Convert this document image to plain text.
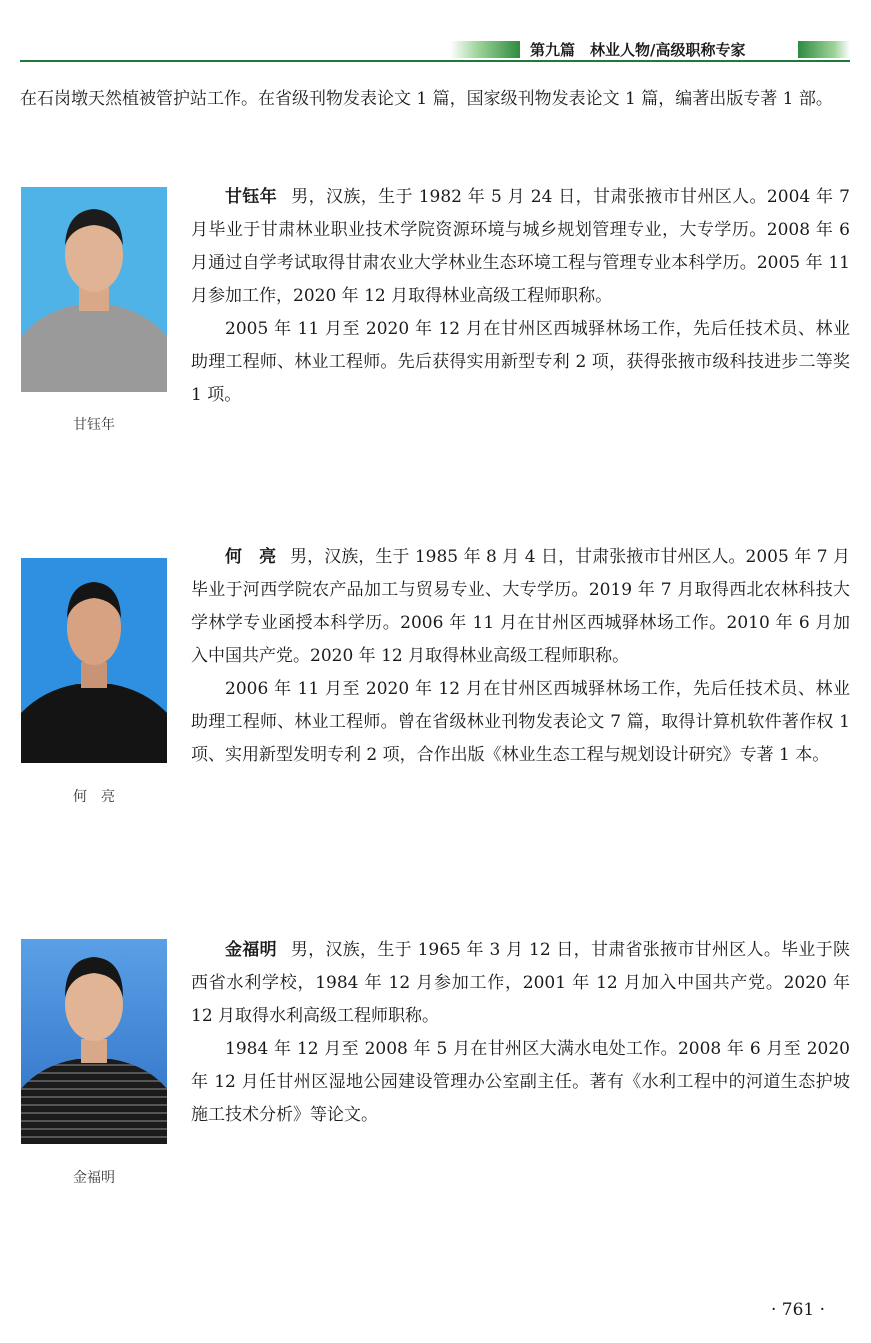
第九篇　林业人物/高级职称专家

在石岗墩天然植被管护站工作。在省级刊物发表论文 1 篇，国家级刊物发表论文 1 篇，编著出版专著 1 部。

甘钰年

甘钰年 男，汉族，生于 1982 年 5 月 24 日，甘肃张掖市甘州区人。2004 年 7 月毕业于甘肃林业职业技术学院资源环境与城乡规划管理专业，大专学历。2008 年 6 月通过自学考试取得甘肃农业大学林业生态环境工程与管理专业本科学历。2005 年 11 月参加工作，2020 年 12 月取得林业高级工程师职称。

2005 年 11 月至 2020 年 12 月在甘州区西城驿林场工作，先后任技术员、林业助理工程师、林业工程师。先后获得实用新型专利 2 项，获得张掖市级科技进步二等奖 1 项。

何　亮

何　亮 男，汉族，生于 1985 年 8 月 4 日，甘肃张掖市甘州区人。2005 年 7 月毕业于河西学院农产品加工与贸易专业、大专学历。2019 年 7 月取得西北农林科技大学林学专业函授本科学历。2006 年 11 月在甘州区西城驿林场工作。2010 年 6 月加入中国共产党。2020 年 12 月取得林业高级工程师职称。

2006 年 11 月至 2020 年 12 月在甘州区西城驿林场工作，先后任技术员、林业助理工程师、林业工程师。曾在省级林业刊物发表论文 7 篇，取得计算机软件著作权 1 项、实用新型发明专利 2 项，合作出版《林业生态工程与规划设计研究》专著 1 本。

金福明

金福明 男，汉族，生于 1965 年 3 月 12 日，甘肃省张掖市甘州区人。毕业于陕西省水利学校，1984 年 12 月参加工作，2001 年 12 月加入中国共产党。2020 年 12 月取得水利高级工程师职称。

1984 年 12 月至 2008 年 5 月在甘州区大满水电处工作。2008 年 6 月至 2020 年 12 月任甘州区湿地公园建设管理办公室副主任。著有《水利工程中的河道生态护坡施工技术分析》等论文。

· 761 ·
